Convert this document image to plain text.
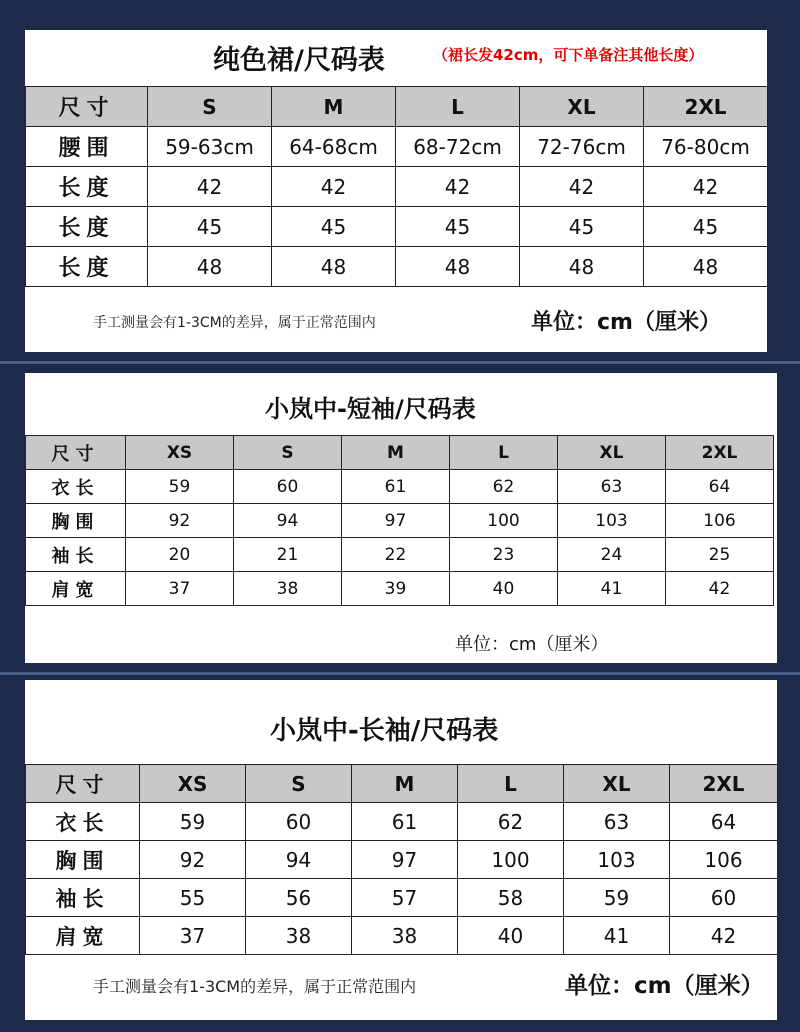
纯色裙/尺码表	（裙长发42cm，可下单备注其他长度）
尺寸	S	M	L	XL	2XL
腰围	59-63cm	64-68cm	68-72cm	72-76cm	76-80cm
长度	42	42	42	42	42
长度	45	45	45	45	45
长度	48	48	48	48	48
手工测量会有1-3CM的差异，属于正常范围内	单位：cm（厘米）
小岚中-短袖/尺码表
尺寸	XS	S	M	L	XL	2XL
衣长	59	60	61	62	63	64
胸围	92	94	97	100	103	106
袖长	20	21	22	23	24	25
肩宽	37	38	39	40	41	42
单位：cm（厘米）
小岚中-长袖/尺码表
尺寸	XS	S	M	L	XL	2XL
衣长	59	60	61	62	63	64
胸围	92	94	97	100	103	106
袖长	55	56	57	58	59	60
肩宽	37	38	38	40	41	42
手工测量会有1-3CM的差异，属于正常范围内	单位：cm（厘米）
